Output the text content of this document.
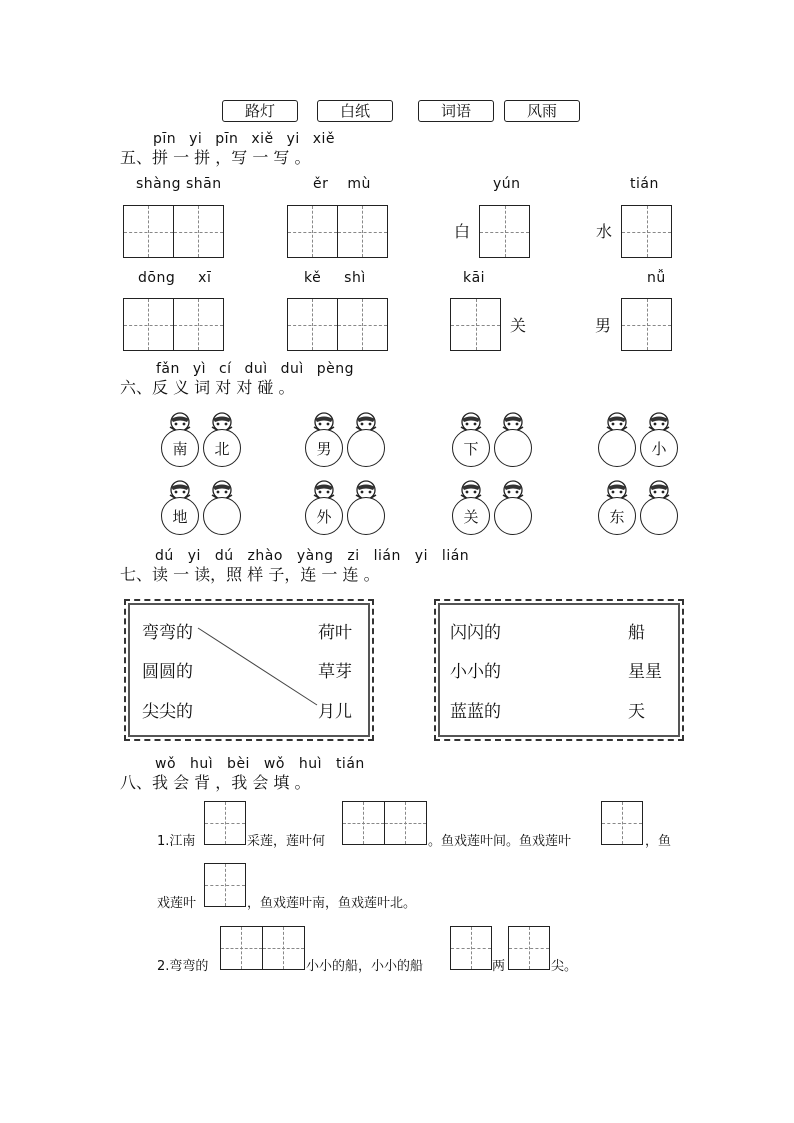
路灯	白纸	词语	风雨
pīn yi pīn xiě yi xiě
五、拼 一 拼 ，写 一 写 。
shàng shān	ěr mù	yún	tián
白	水
dōng xī	kě shì	kāi	nǚ
关	男
fǎn yì cí duì duì pèng
六、反 义 词 对 对 碰 。
南	北	男	下	小
地	外	关	东
dú yi dú zhào yàng zi lián yi lián
七、读 一 读，照 样 子，连 一 连 。
弯弯的
圆圆的
尖尖的
荷叶
草芽
月儿
闪闪的
小小的
蓝蓝的
船
星星
天
wǒ huì bèi wǒ huì tián
八、我 会 背 ，我 会 填 。
1.江南	采莲，莲叶何	。鱼戏莲叶间。鱼戏莲叶	，鱼
戏莲叶	，鱼戏莲叶南，鱼戏莲叶北。
2.弯弯的	小小的船，小小的船	两	尖。
